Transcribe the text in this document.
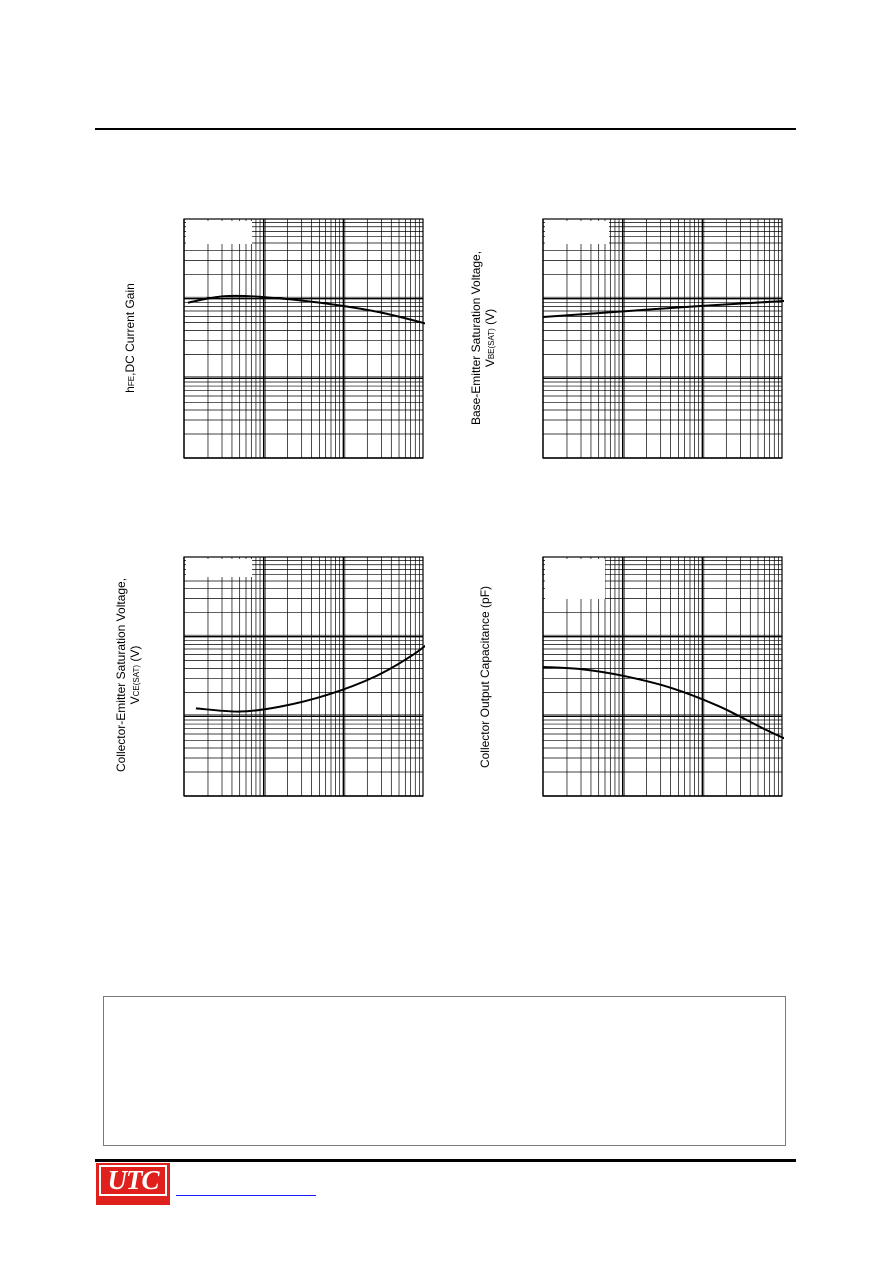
hFE,DC Current Gain	Base-Emitter Saturation Voltage, VBE(SAT) (V)
Collector-Emitter Saturation Voltage, VCE(SAT) (V)	Collector Output Capacitance (pF)
UTC
